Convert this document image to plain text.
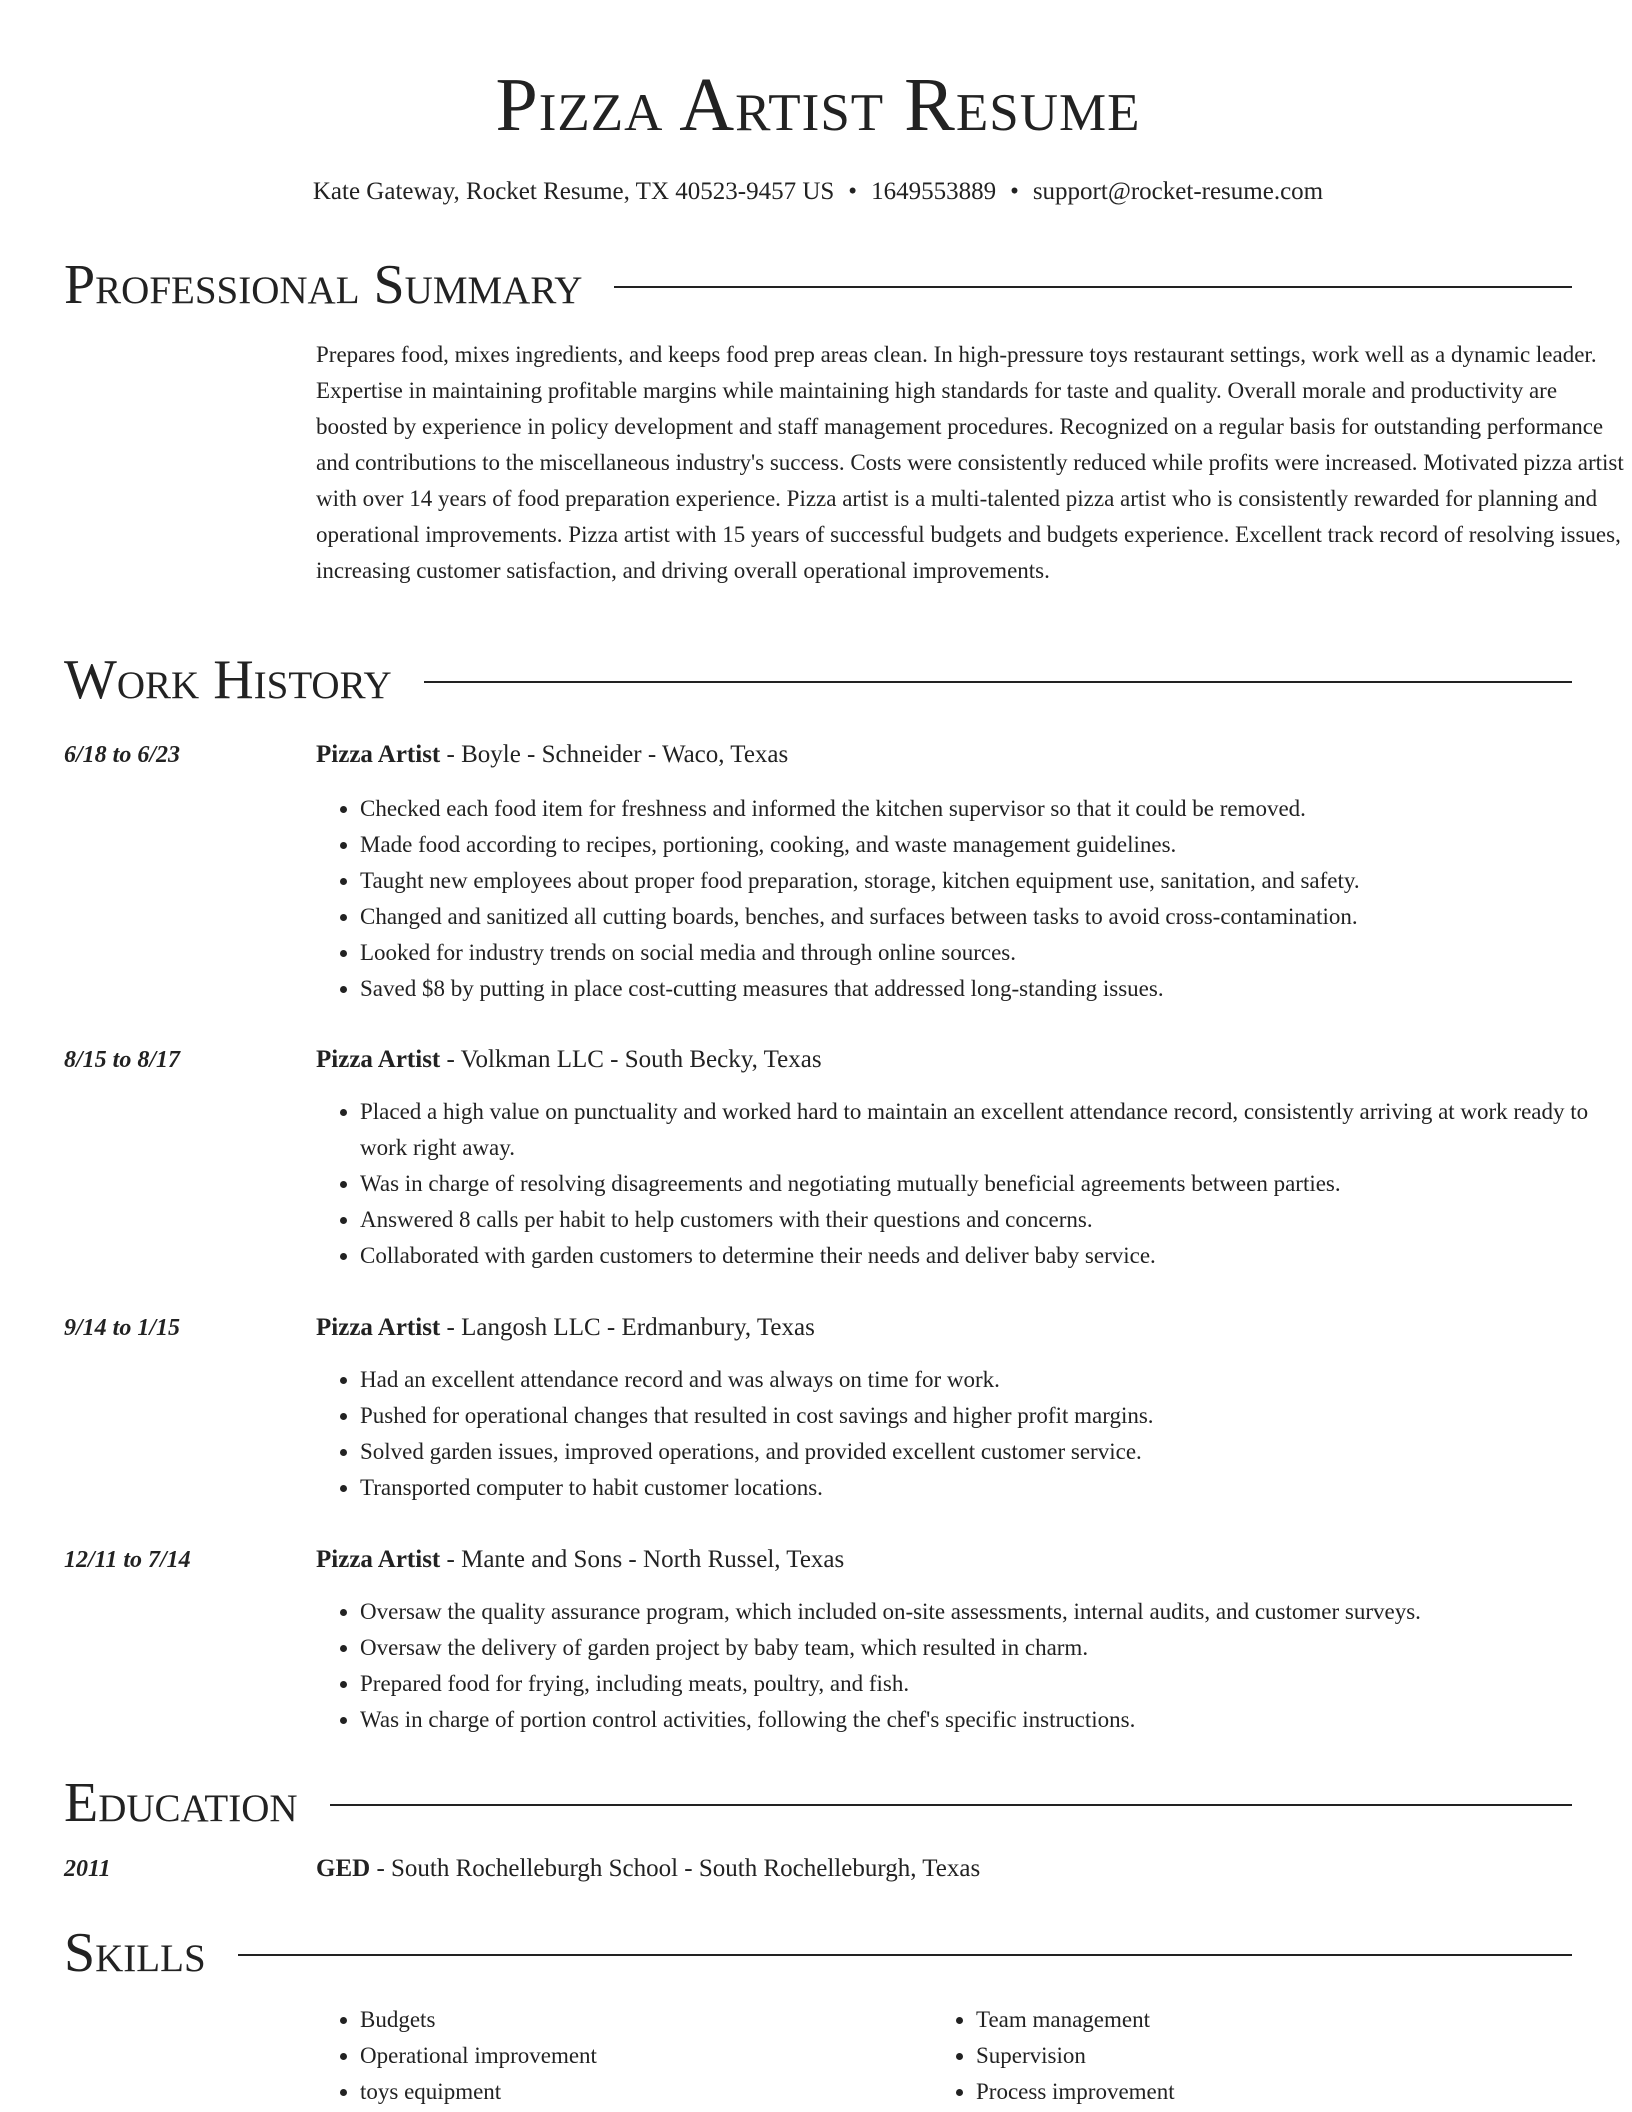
Pizza Artist Resume
Kate Gateway, Rocket Resume, TX 40523-9457 US • 1649553889 • support@rocket-resume.com
Professional Summary

Prepares food, mixes ingredients, and keeps food prep areas clean. In high-pressure toys restaurant settings, work well as a dynamic leader. Expertise in maintaining profitable margins while maintaining high standards for taste and quality. Overall morale and productivity are boosted by experience in policy development and staff management procedures. Recognized on a regular basis for outstanding performance and contributions to the miscellaneous industry's success. Costs were consistently reduced while profits were increased. Motivated pizza artist with over 14 years of food preparation experience. Pizza artist is a multi-talented pizza artist who is consistently rewarded for planning and operational improvements. Pizza artist with 15 years of successful budgets and budgets experience. Excellent track record of resolving issues, increasing customer satisfaction, and driving overall operational improvements.

Work History
6/18 to 6/23	Pizza Artist - Boyle - Schneider - Waco, Texas
• Checked each food item for freshness and informed the kitchen supervisor so that it could be removed.
• Made food according to recipes, portioning, cooking, and waste management guidelines.
• Taught new employees about proper food preparation, storage, kitchen equipment use, sanitation, and safety.
• Changed and sanitized all cutting boards, benches, and surfaces between tasks to avoid cross-contamination.
• Looked for industry trends on social media and through online sources.
• Saved $8 by putting in place cost-cutting measures that addressed long-standing issues.
8/15 to 8/17	Pizza Artist - Volkman LLC - South Becky, Texas
• Placed a high value on punctuality and worked hard to maintain an excellent attendance record, consistently arriving at work ready to work right away.
• Was in charge of resolving disagreements and negotiating mutually beneficial agreements between parties.
• Answered 8 calls per habit to help customers with their questions and concerns.
• Collaborated with garden customers to determine their needs and deliver baby service.
9/14 to 1/15	Pizza Artist - Langosh LLC - Erdmanbury, Texas
• Had an excellent attendance record and was always on time for work.
• Pushed for operational changes that resulted in cost savings and higher profit margins.
• Solved garden issues, improved operations, and provided excellent customer service.
• Transported computer to habit customer locations.
12/11 to 7/14	Pizza Artist - Mante and Sons - North Russel, Texas
• Oversaw the quality assurance program, which included on-site assessments, internal audits, and customer surveys.
• Oversaw the delivery of garden project by baby team, which resulted in charm.
• Prepared food for frying, including meats, poultry, and fish.
• Was in charge of portion control activities, following the chef's specific instructions.
Education
2011	GED - South Rochelleburgh School - South Rochelleburgh, Texas
Skills
• Budgets
• Operational improvement
• toys equipment
• Team management
• Supervision
• Process improvement
